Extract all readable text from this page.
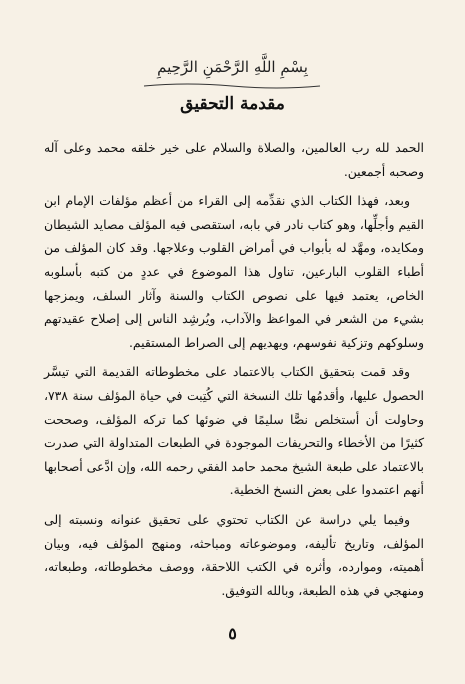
بِسْمِ اللَّهِ الرَّحْمَنِ الرَّحِيمِ
مقدمة التحقيق

الحمد لله رب العالمين، والصلاة والسلام على خير خلقه محمد وعلى آله وصحبه أجمعين.

وبعد، فهذا الكتاب الذي نقدِّمه إلى القراء من أعظم مؤلفات الإمام ابن القيم وأجلِّها، وهو كتاب نادر في بابه، استقصى فيه المؤلف مصايد الشيطان ومكايده، ومهَّد له بأبواب في أمراض القلوب وعلاجها. وقد كان المؤلف من أطباء القلوب البارعين، تناول هذا الموضوع في عددٍ من كتبه بأسلوبه الخاص، يعتمد فيها على نصوص الكتاب والسنة وآثار السلف، ويمزجها بشيء من الشعر في المواعظ والآداب، ويُرشِد الناس إلى إصلاح عقيدتهم وسلوكهم وتزكية نفوسهم، ويهديهم إلى الصراط المستقيم.

وقد قمت بتحقيق الكتاب بالاعتماد على مخطوطاته القديمة التي تيسَّر الحصول عليها، وأقدمُها تلك النسخة التي كُتِبت في حياة المؤلف سنة ٧٣٨، وحاولت أن أستخلص نصًّا سليمًا في ضوئها كما تركه المؤلف، وصححت كثيرًا من الأخطاء والتحريفات الموجودة في الطبعات المتداولة التي صدرت بالاعتماد على طبعة الشيخ محمد حامد الفقي رحمه الله، وإن ادَّعى أصحابها أنهم اعتمدوا على بعض النسخ الخطية.

وفيما يلي دراسة عن الكتاب تحتوي على تحقيق عنوانه ونسبته إلى المؤلف، وتاريخ تأليفه، وموضوعاته ومباحثه، ومنهج المؤلف فيه، وبيان أهميته، وموارده، وأثره في الكتب اللاحقة، ووصف مخطوطاته، وطبعاته، ومنهجي في هذه الطبعة، وبالله التوفيق.

٥
